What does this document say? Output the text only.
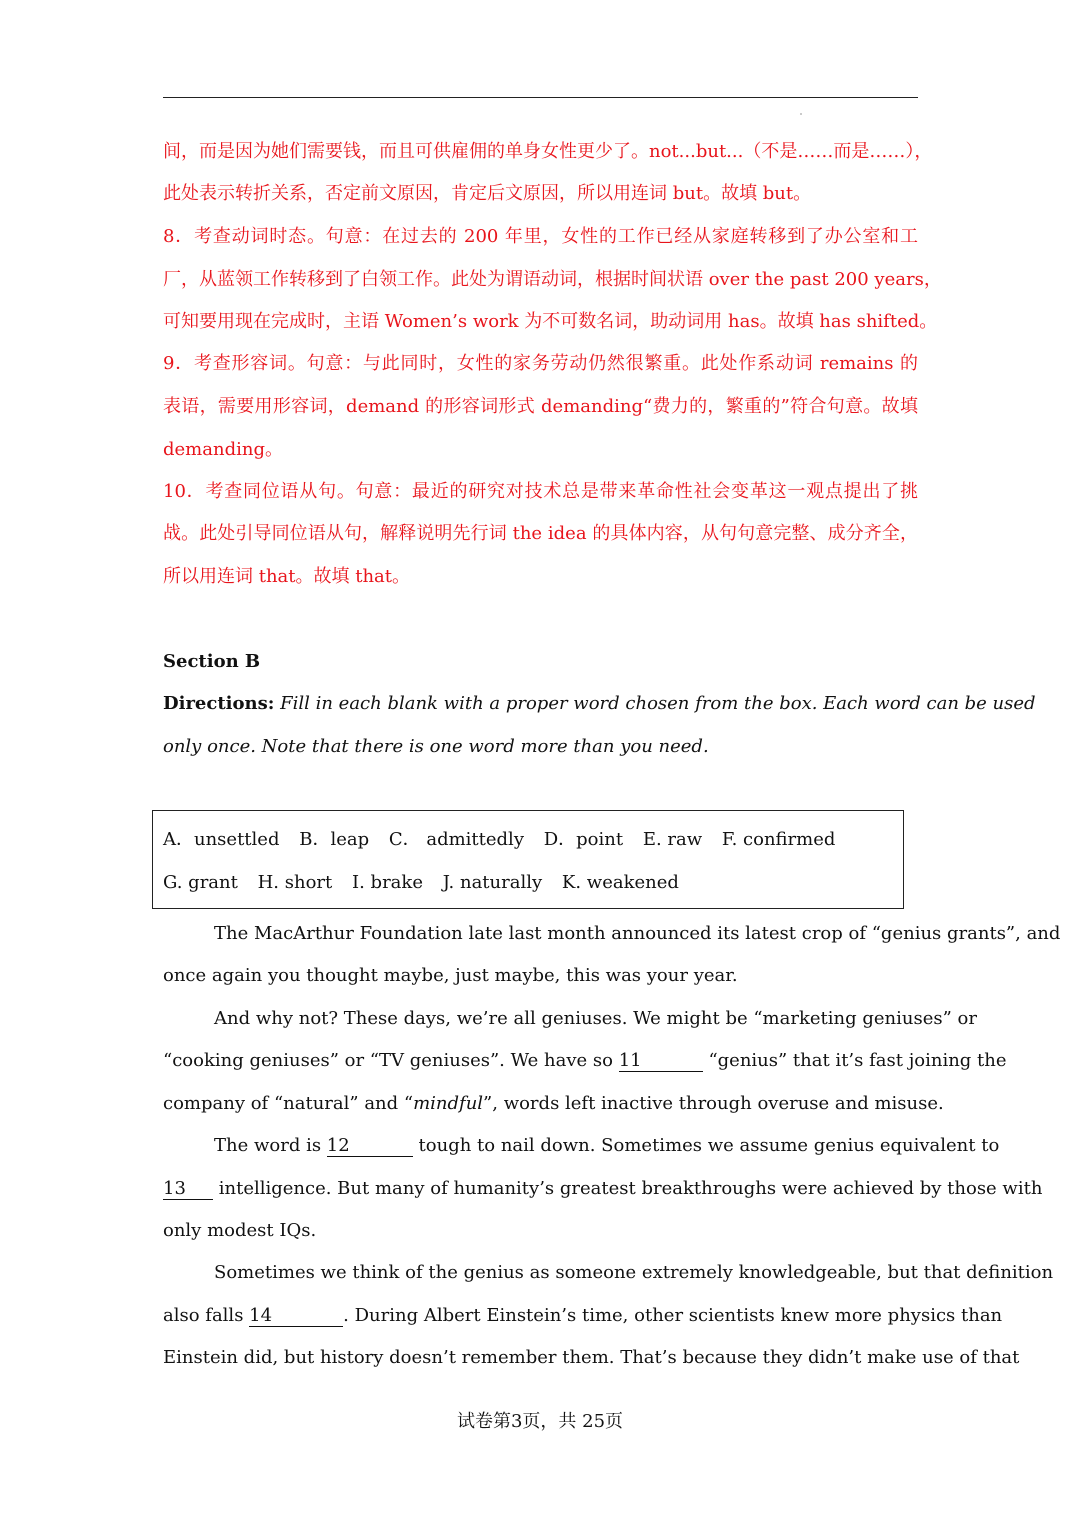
间，而是因为她们需要钱，而且可供雇佣的单身女性更少了。not...but...（不是……而是……），
此处表示转折关系，否定前文原因，肯定后文原因，所以用连词 but。故填 but。
8．考查动词时态。句意：在过去的 200 年里，女性的工作已经从家庭转移到了办公室和工
厂，从蓝领工作转移到了白领工作。此处为谓语动词，根据时间状语 over the past 200 years，
可知要用现在完成时，主语 Women’s work 为不可数名词，助动词用 has。故填 has shifted。
9．考查形容词。句意：与此同时，女性的家务劳动仍然很繁重。此处作系动词 remains 的
表语，需要用形容词，demand 的形容词形式 demanding“费力的，繁重的”符合句意。故填
demanding。
10．考查同位语从句。句意：最近的研究对技术总是带来革命性社会变革这一观点提出了挑
战。此处引导同位语从句，解释说明先行词 the idea 的具体内容，从句句意完整、成分齐全，
所以用连词 that。故填 that。
Section B
Directions: Fill in each blank with a proper word chosen from the box. Each word can be used
only once. Note that there is one word more than you need.
A．unsettled B．leap C． admittedly D．point E. raw F. confirmed
G. grant H. short I. brake J. naturally K. weakened
The MacArthur Foundation late last month announced its latest crop of “genius grants”, and
once again you thought maybe, just maybe, this was your year.
And why not? These days, we’re all geniuses. We might be “marketing geniuses” or
“cooking geniuses” or “TV geniuses”. We have so 11	“genius” that it’s fast joining the
company of “natural” and “mindful”, words left inactive through overuse and misuse.
The word is 12	tough to nail down. Sometimes we assume genius equivalent to
13 intelligence. But many of humanity’s greatest breakthroughs were achieved by those with
only modest IQs.
Sometimes we think of the genius as someone extremely knowledgeable, but that definition
also falls 14	. During Albert Einstein’s time, other scientists knew more physics than
Einstein did, but history doesn’t remember them. That’s because they didn’t make use of that
试卷第3页，共 25页
